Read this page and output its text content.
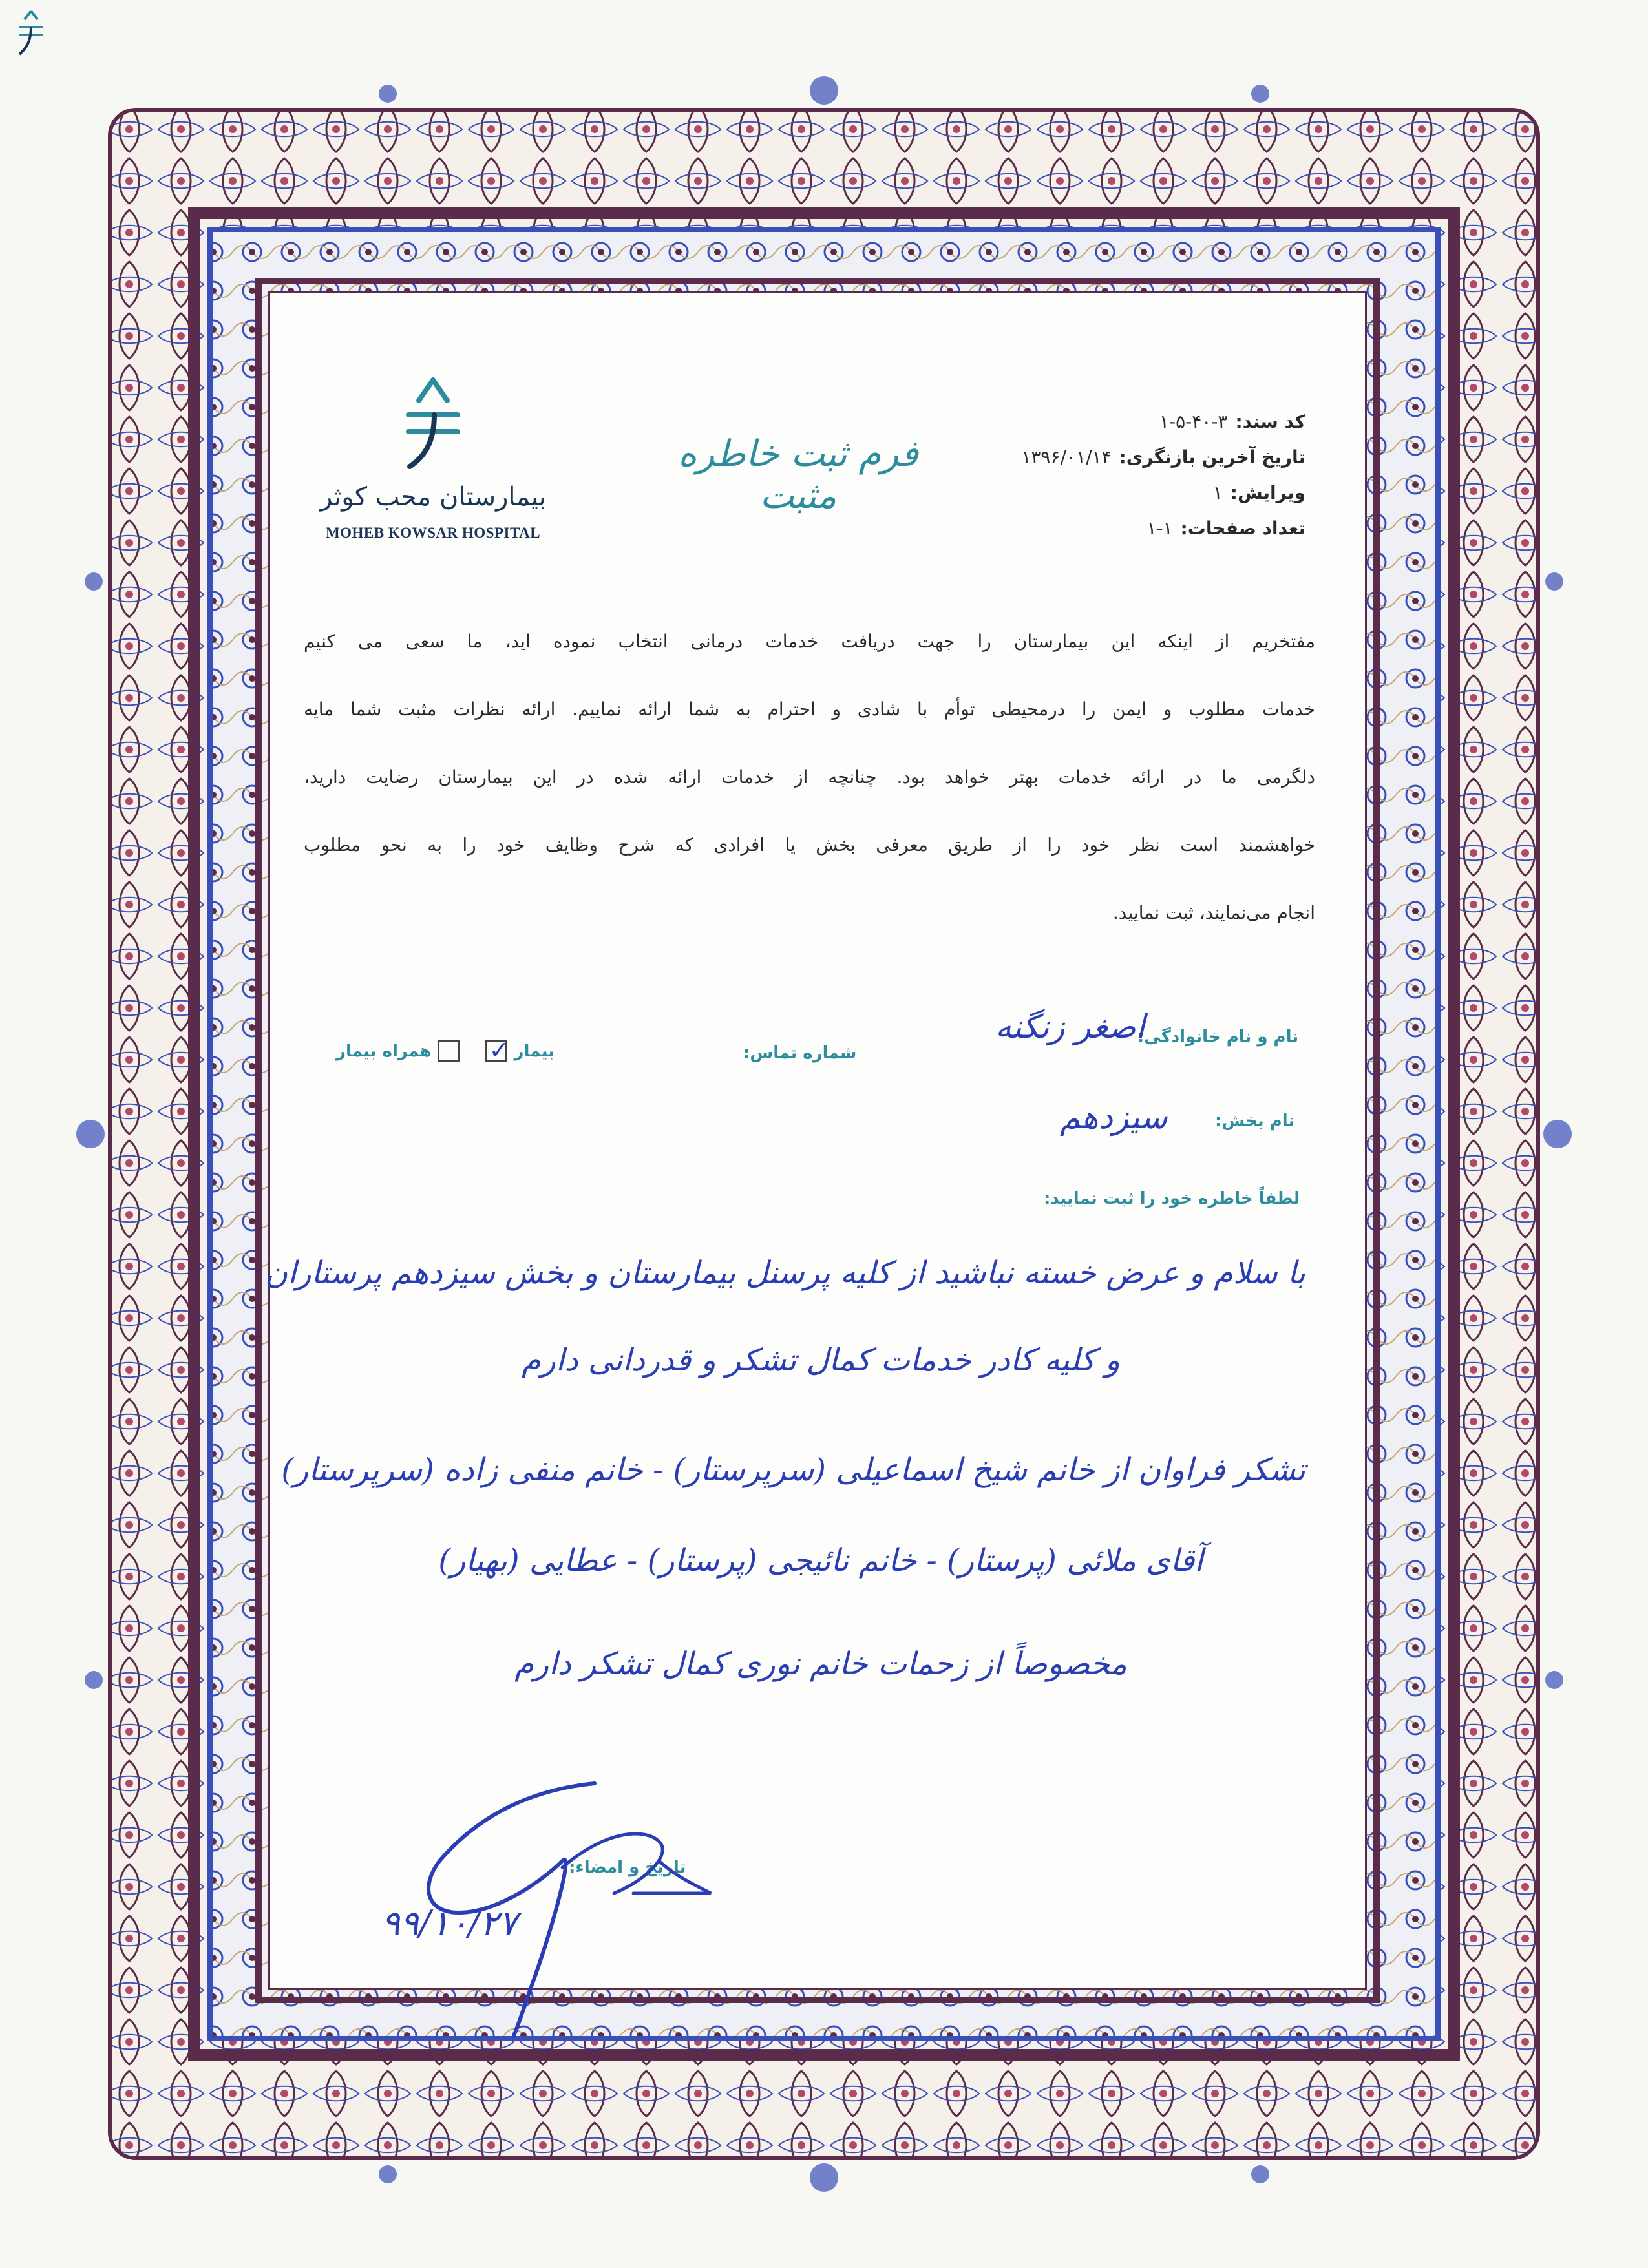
بیمارستان محب کوثر
MOHEB KOWSAR HOSPITAL
فرم ثبت خاطره مثبت
کد سند:۳-۴۰-۵-۱
تاریخ آخرین بازنگری:۱۳۹۶/۰۱/۱۴
ویرایش:۱
تعداد صفحات:۱-۱
مفتخریم از اینکه این بیمارستان را جهت دریافت خدمات درمانی انتخاب نموده اید، ما سعی می کنیم
خدمات مطلوب و ایمن را درمحیطی توأم با شادی و احترام به شما ارائه نماییم. ارائه نظرات مثبت شما مایه
دلگرمی ما در ارائه خدمات بهتر خواهد بود. چنانچه از خدمات ارائه شده در این بیمارستان رضایت دارید،
خواهشمند است نظر خود را از طریق معرفی بخش یا افرادی که شرح وظایف خود را به نحو مطلوب
انجام می‌نمایند، ثبت نمایید.
نام و نام خانوادگی:
اصغر زنگنه
شماره تماس:
بیمار
✓
همراه بیمار
نام بخش:
سیزدهم
لطفاً خاطره خود را ثبت نمایید:
با سلام و عرض خسته نباشید از کلیه پرسنل بیمارستان و بخش سیزدهم پرستاران
و کلیه کادر خدمات کمال تشکر و قدردانی دارم
تشکر فراوان از خانم شیخ اسماعیلی (سرپرستار) - خانم منفی زاده (سرپرستار)
آقای ملائی (پرستار) - خانم نائیجی (پرستار) - عطایی (بهیار)
مخصوصاً از زحمات خانم نوری کمال تشکر دارم
تاریخ و امضاء:
۹۹/۱۰/۲۷
